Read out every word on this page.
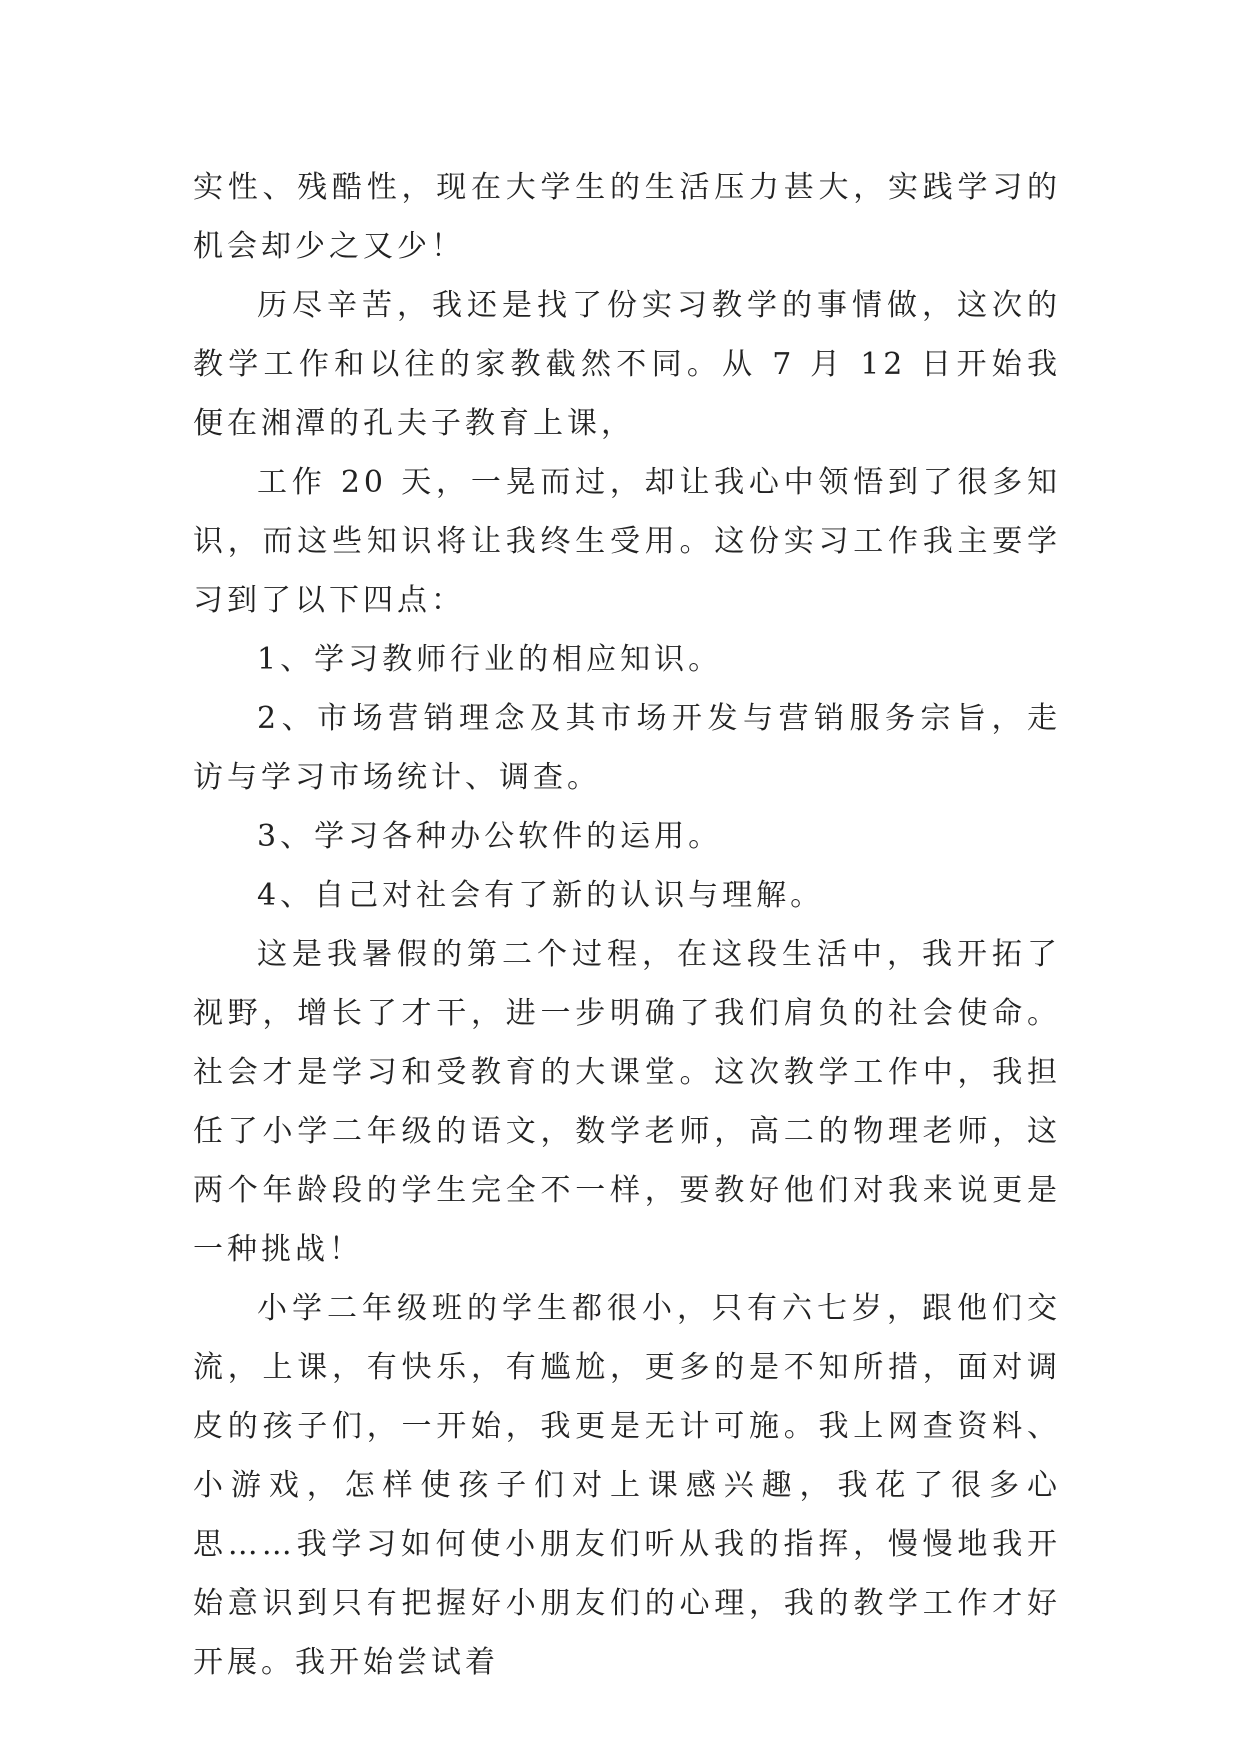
实性、残酷性，现在大学生的生活压力甚大，实践学习的机会却少之又少！

历尽辛苦，我还是找了份实习教学的事情做，这次的教学工作和以往的家教截然不同。从 7 月 12 日开始我便在湘潭的孔夫子教育上课，

工作 20 天，一晃而过，却让我心中领悟到了很多知识，而这些知识将让我终生受用。这份实习工作我主要学习到了以下四点：

1、学习教师行业的相应知识。

2、市场营销理念及其市场开发与营销服务宗旨，走访与学习市场统计、调查。

3、学习各种办公软件的运用。

4、自己对社会有了新的认识与理解。

这是我暑假的第二个过程，在这段生活中，我开拓了视野，增长了才干，进一步明确了我们肩负的社会使命。社会才是学习和受教育的大课堂。这次教学工作中，我担任了小学二年级的语文，数学老师，高二的物理老师，这两个年龄段的学生完全不一样，要教好他们对我来说更是一种挑战！

小学二年级班的学生都很小，只有六七岁，跟他们交流，上课，有快乐，有尴尬，更多的是不知所措，面对调皮的孩子们，一开始，我更是无计可施。我上网查资料、小游戏，怎样使孩子们对上课感兴趣，我花了很多心思……我学习如何使小朋友们听从我的指挥，慢慢地我开始意识到只有把握好小朋友们的心理，我的教学工作才好开展。我开始尝试着
